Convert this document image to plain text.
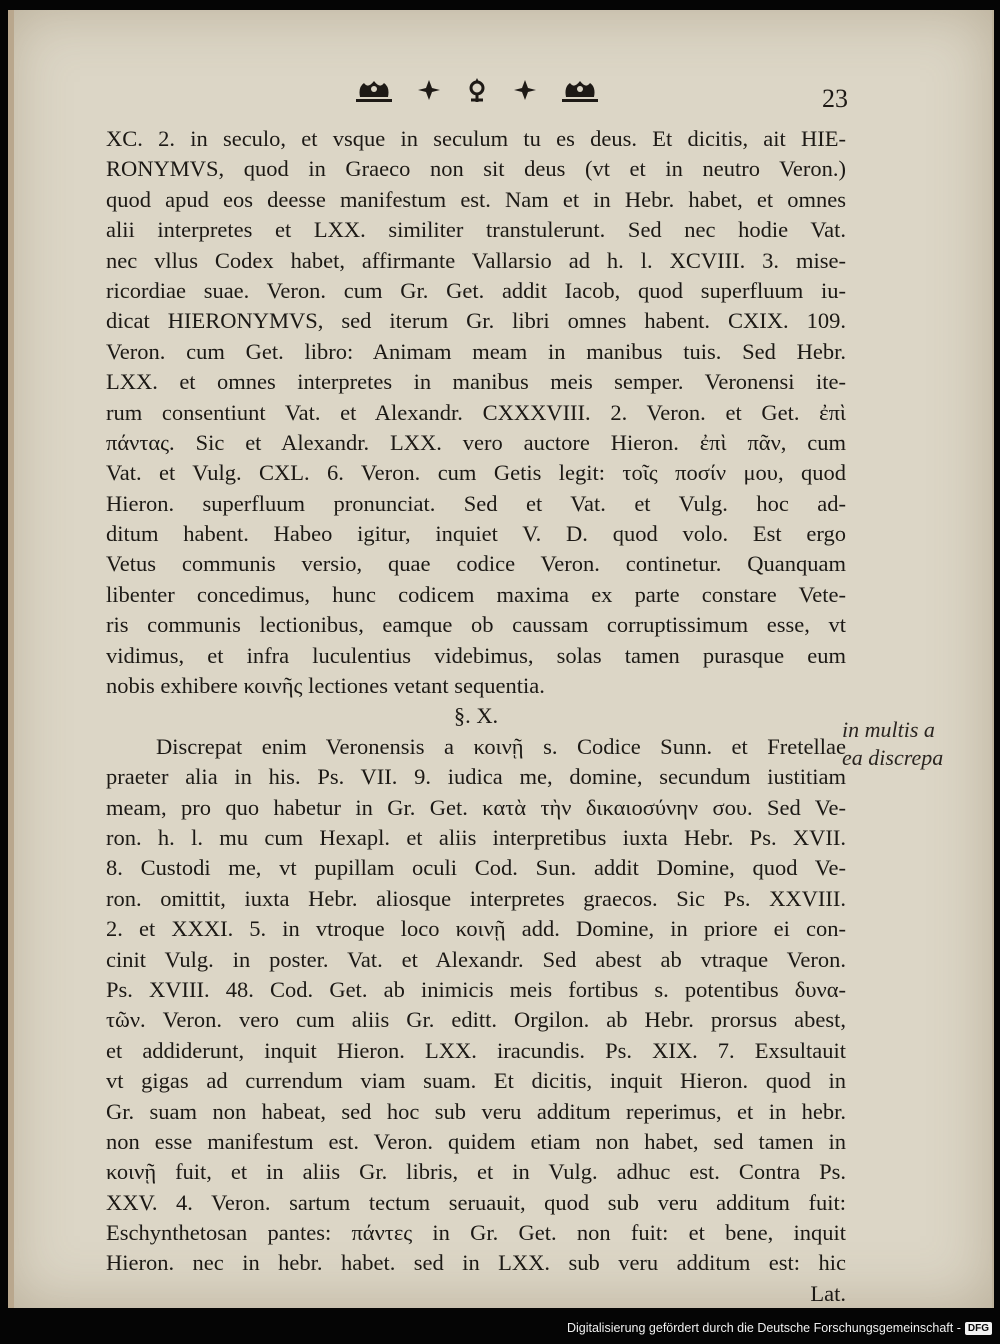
23
XC. 2. in seculo, et vsque in seculum tu es deus. Et dicitis, ait HIE-
RONYMVS, quod in Graeco non sit deus (vt et in neutro Veron.)
quod apud eos deesse manifestum est. Nam et in Hebr. habet, et omnes
alii interpretes et LXX. similiter transtulerunt. Sed nec hodie Vat.
nec vllus Codex habet, affirmante Vallarsio ad h. l. XCVIII. 3. mise-
ricordiae suae. Veron. cum Gr. Get. addit Iacob, quod superfluum iu-
dicat HIERONYMVS, sed iterum Gr. libri omnes habent. CXIX. 109.
Veron. cum Get. libro: Animam meam in manibus tuis. Sed Hebr.
LXX. et omnes interpretes in manibus meis semper. Veronensi ite-
rum consentiunt Vat. et Alexandr. CXXXVIII. 2. Veron. et Get. ἐπὶ
πάντας. Sic et Alexandr. LXX. vero auctore Hieron. ἐπὶ πᾶν, cum
Vat. et Vulg. CXL. 6. Veron. cum Getis legit: τοῖς ποσίν μου, quod
Hieron. superfluum pronunciat. Sed et Vat. et Vulg. hoc ad-
ditum habent. Habeo igitur, inquiet V. D. quod volo. Est ergo
Vetus communis versio, quae codice Veron. continetur. Quanquam
libenter concedimus, hunc codicem maxima ex parte constare Vete-
ris communis lectionibus, eamque ob caussam corruptissimum esse, vt
vidimus, et infra luculentius videbimus, solas tamen purasque eum
nobis exhibere κοινῆς lectiones vetant sequentia.
§. X.
Discrepat enim Veronensis a κοινῇ s. Codice Sunn. et Fretellae
praeter alia in his. Ps. VII. 9. iudica me, domine, secundum iustitiam
meam, pro quo habetur in Gr. Get. κατὰ τὴν δικαιοσύνην σου. Sed Ve-
ron. h. l. mu cum Hexapl. et aliis interpretibus iuxta Hebr. Ps. XVII.
8. Custodi me, vt pupillam oculi Cod. Sun. addit Domine, quod Ve-
ron. omittit, iuxta Hebr. aliosque interpretes graecos. Sic Ps. XXVIII.
2. et XXXI. 5. in vtroque loco κοινῇ add. Domine, in priore ei con-
cinit Vulg. in poster. Vat. et Alexandr. Sed abest ab vtraque Veron.
Ps. XVIII. 48. Cod. Get. ab inimicis meis fortibus s. potentibus δυνα-
τῶν. Veron. vero cum aliis Gr. editt. Orgilon. ab Hebr. prorsus abest,
et addiderunt, inquit Hieron. LXX. iracundis. Ps. XIX. 7. Exsultauit
vt gigas ad currendum viam suam. Et dicitis, inquit Hieron. quod in
Gr. suam non habeat, sed hoc sub veru additum reperimus, et in hebr.
non esse manifestum est. Veron. quidem etiam non habet, sed tamen in
κοινῇ fuit, et in aliis Gr. libris, et in Vulg. adhuc est. Contra Ps.
XXV. 4. Veron. sartum tectum seruauit, quod sub veru additum fuit:
Eschynthetosan pantes: πάντες in Gr. Get. non fuit: et bene, inquit
Hieron. nec in hebr. habet. sed in LXX. sub veru additum est: hic
Lat.
in multis a
ea discrepa
Digitalisierung gefördert durch die Deutsche Forschungsgemeinschaft - DFG
